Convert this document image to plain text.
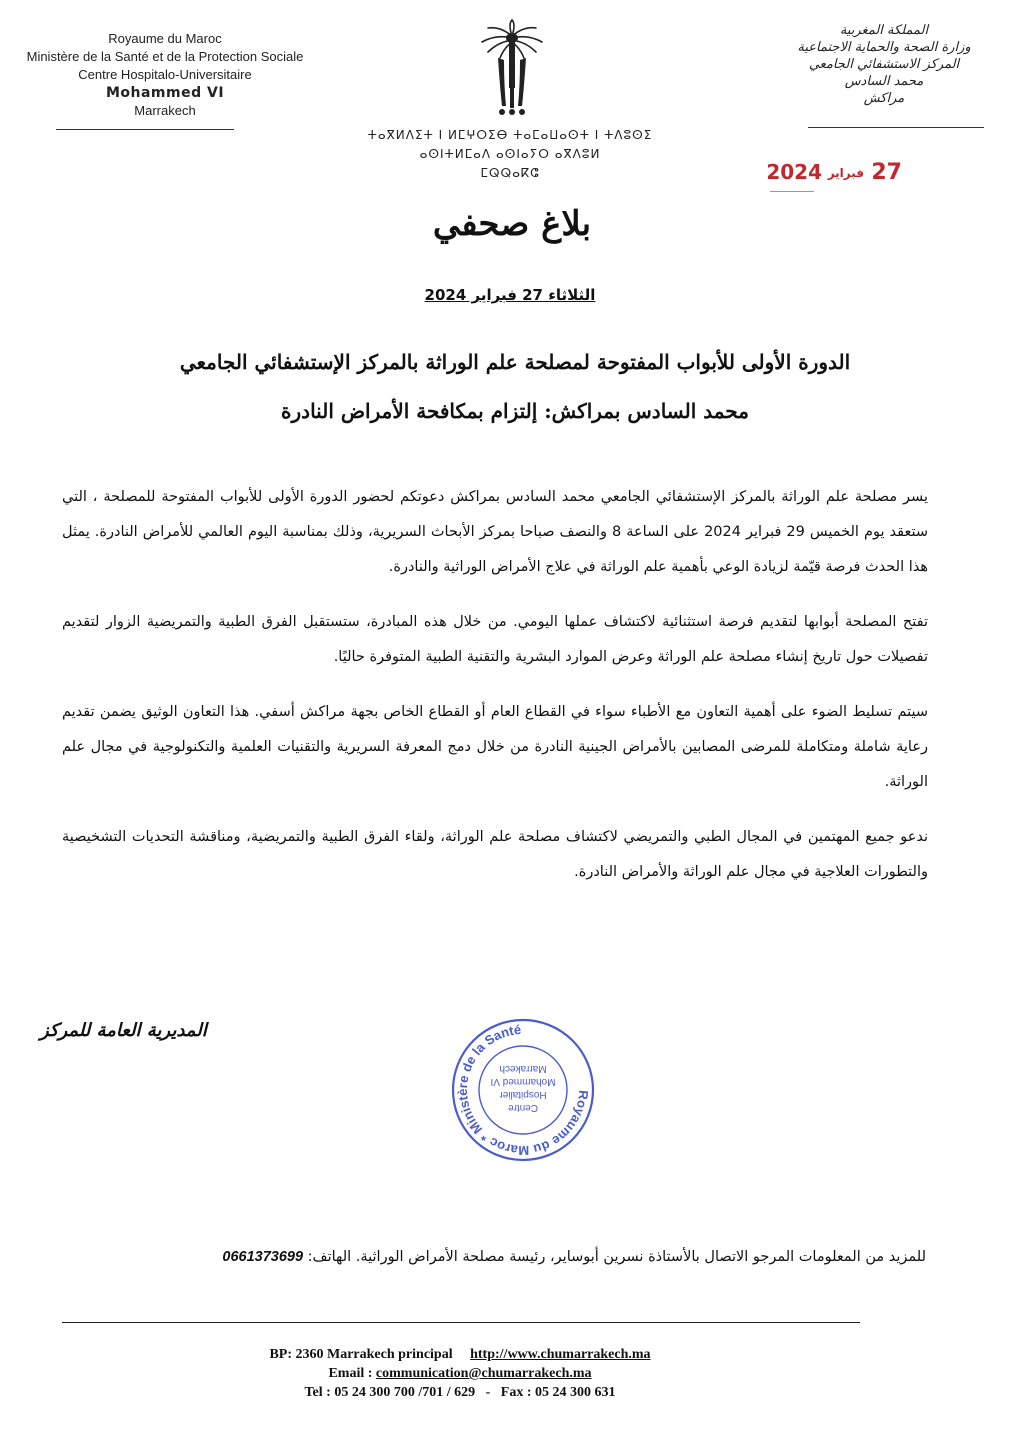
Royaume du Maroc
Ministère de la Santé et de la Protection Sociale
Centre Hospitalo-Universitaire
Mohammed VI
Marrakech
ⵜⴰⴳⵍⴷⵉⵜ ⵏ ⵍⵎⵖⵔⵉⴱ ⵜⴰⵎⴰⵡⴰⵙⵜ ⵏ ⵜⴷⵓⵙⵉ
ⴰⵙⵏⵜⵍⵎⴰⴷ ⴰⵙⵏⴰⵢⵔ ⴰⴳⴷⵓⵍ
ⵎⵕⵕⴰⴽⵛ
المملكة المغربية
وزارة الصحة والحماية الاجتماعية
المركز الاستشفائي الجامعي
محمد السادس
مراكش
27
فبراير
2024
بلاغ صحفي
الثلاثاء 27 فبراير 2024
الدورة الأولى للأبواب المفتوحة لمصلحة علم الوراثة بالمركز الإستشفائي الجامعي
محمد السادس بمراكش: إلتزام بمكافحة الأمراض النادرة

يسر مصلحة علم الوراثة بالمركز الإستشفائي الجامعي محمد السادس بمراكش دعوتكم لحضور الدورة الأولى للأبواب المفتوحة للمصلحة ، التي ستعقد يوم الخميس 29 فبراير 2024 على الساعة 8 والنصف صباحا بمركز الأبحاث السريرية، وذلك بمناسبة اليوم العالمي للأمراض النادرة. يمثل هذا الحدث فرصة قيّمة لزيادة الوعي بأهمية علم الوراثة في علاج الأمراض الوراثية والنادرة.

تفتح المصلحة أبوابها لتقديم فرصة استثنائية لاكتشاف عملها اليومي. من خلال هذه المبادرة، ستستقبل الفرق الطبية والتمريضية الزوار لتقديم تفصيلات حول تاريخ إنشاء مصلحة علم الوراثة وعرض الموارد البشرية والتقنية الطبية المتوفرة حاليًا.

سيتم تسليط الضوء على أهمية التعاون مع الأطباء سواء في القطاع العام أو القطاع الخاص بجهة مراكش أسفي. هذا التعاون الوثيق يضمن تقديم رعاية شاملة ومتكاملة للمرضى المصابين بالأمراض الجينية النادرة من خلال دمج المعرفة السريرية والتقنيات العلمية والتكنولوجية في مجال علم الوراثة.

ندعو جميع المهتمين في المجال الطبي والتمريضي لاكتشاف مصلحة علم الوراثة، ولقاء الفرق الطبية والتمريضية، ومناقشة التحديات التشخيصية والتطورات العلاجية في مجال علم الوراثة والأمراض النادرة.

المديرية العامة للمركز
Royaume du Maroc * Ministère de la Santé
Centre
Hospitalier
Mohammed VI
Marrakech
للمزيد من المعلومات المرجو الاتصال بالأستاذة نسرين أبوساير، رئيسة مصلحة الأمراض الوراثية. الهاتف: 0661373699
BP: 2360 Marrakech principal http://www.chumarrakech.ma
Email : communication@chumarrakech.ma
Tel : 05 24 300 700 /701 / 629 - Fax : 05 24 300 631
